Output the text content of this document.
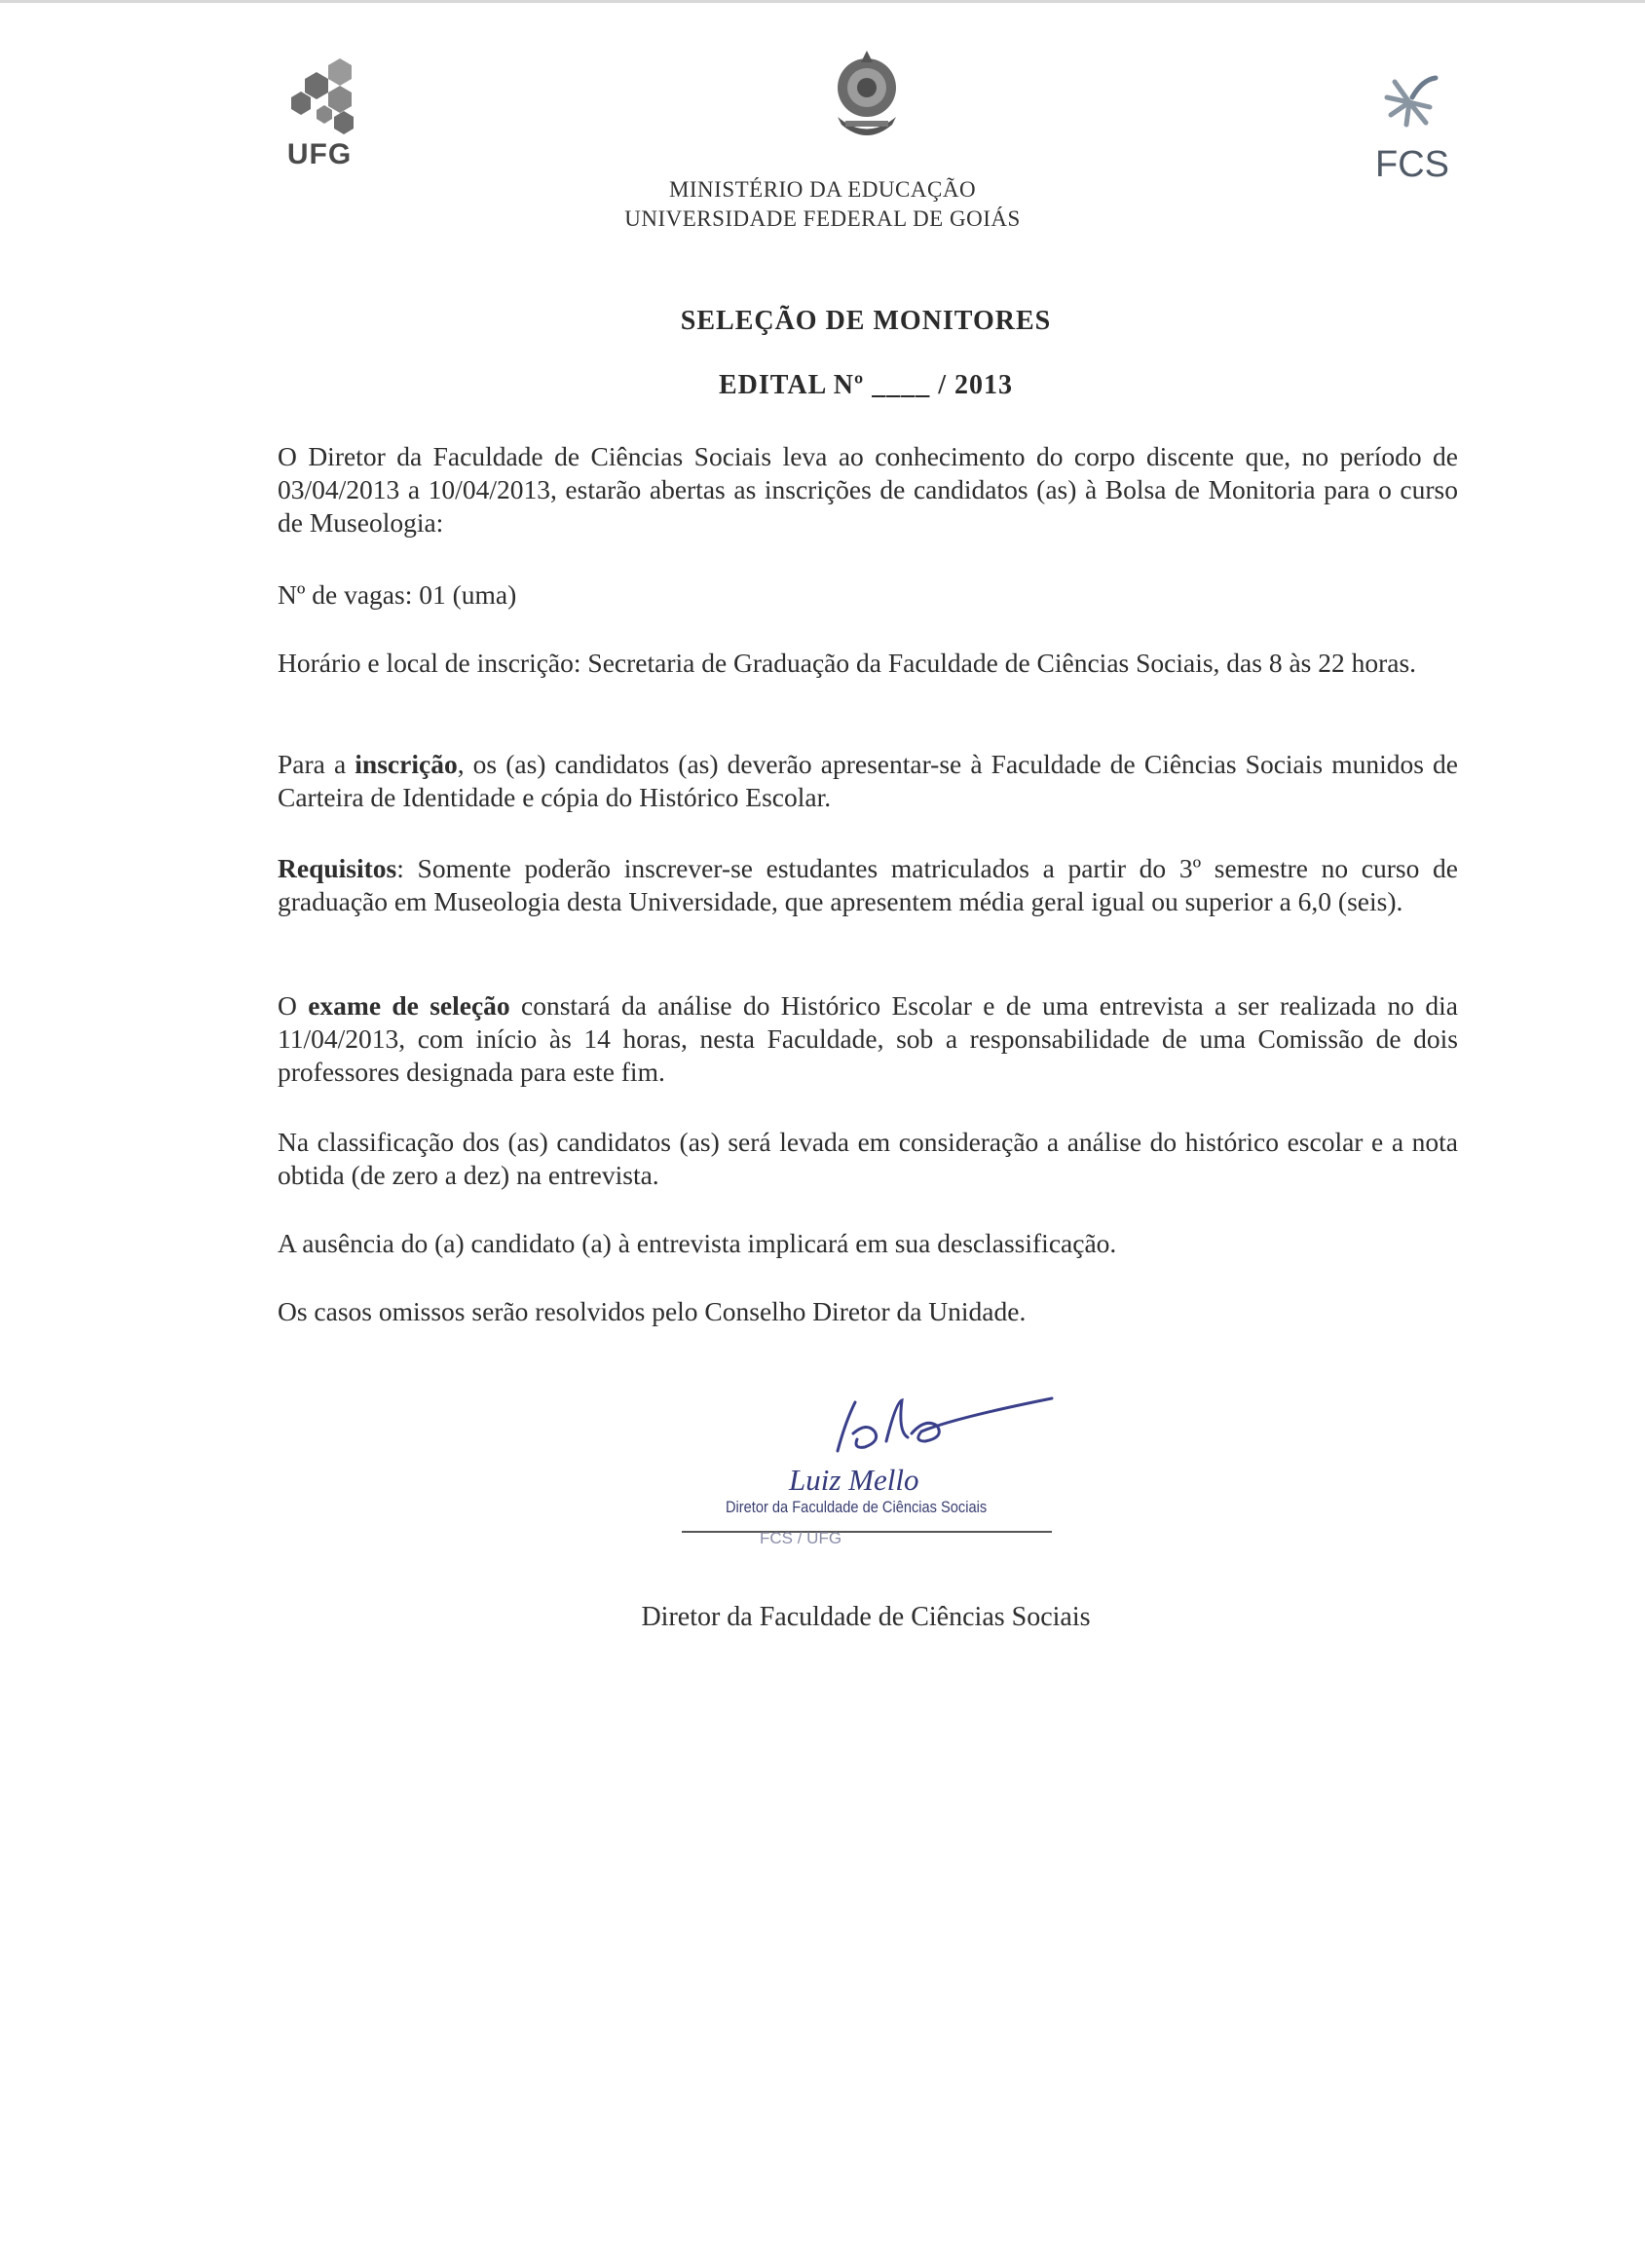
UFG	FCS
MINISTÉRIO DA EDUCAÇÃO
UNIVERSIDADE FEDERAL DE GOIÁS
SELEÇÃO DE MONITORES
EDITAL Nº ____ / 2013

O Diretor da Faculdade de Ciências Sociais leva ao conhecimento do corpo discente que, no período de 03/04/2013 a 10/04/2013, estarão abertas as inscrições de candidatos (as) à Bolsa de Monitoria para o curso de Museologia:

Nº de vagas: 01 (uma)

Horário e local de inscrição: Secretaria de Graduação da Faculdade de Ciências Sociais, das 8 às 22 horas.

Para a inscrição, os (as) candidatos (as) deverão apresentar-se à Faculdade de Ciências Sociais munidos de Carteira de Identidade e cópia do Histórico Escolar.

Requisitos: Somente poderão inscrever-se estudantes matriculados a partir do 3º semestre no curso de graduação em Museologia desta Universidade, que apresentem média geral igual ou superior a 6,0 (seis).

O exame de seleção constará da análise do Histórico Escolar e de uma entrevista a ser realizada no dia 11/04/2013, com início às 14 horas, nesta Faculdade, sob a responsabilidade de uma Comissão de dois professores designada para este fim.

Na classificação dos (as) candidatos (as) será levada em consideração a análise do histórico escolar e a nota obtida (de zero a dez) na entrevista.

A ausência do (a) candidato (a) à entrevista implicará em sua desclassificação.

Os casos omissos serão resolvidos pelo Conselho Diretor da Unidade.

Luiz Mello
Diretor da Faculdade de Ciências Sociais
FCS / UFG
Diretor da Faculdade de Ciências Sociais
